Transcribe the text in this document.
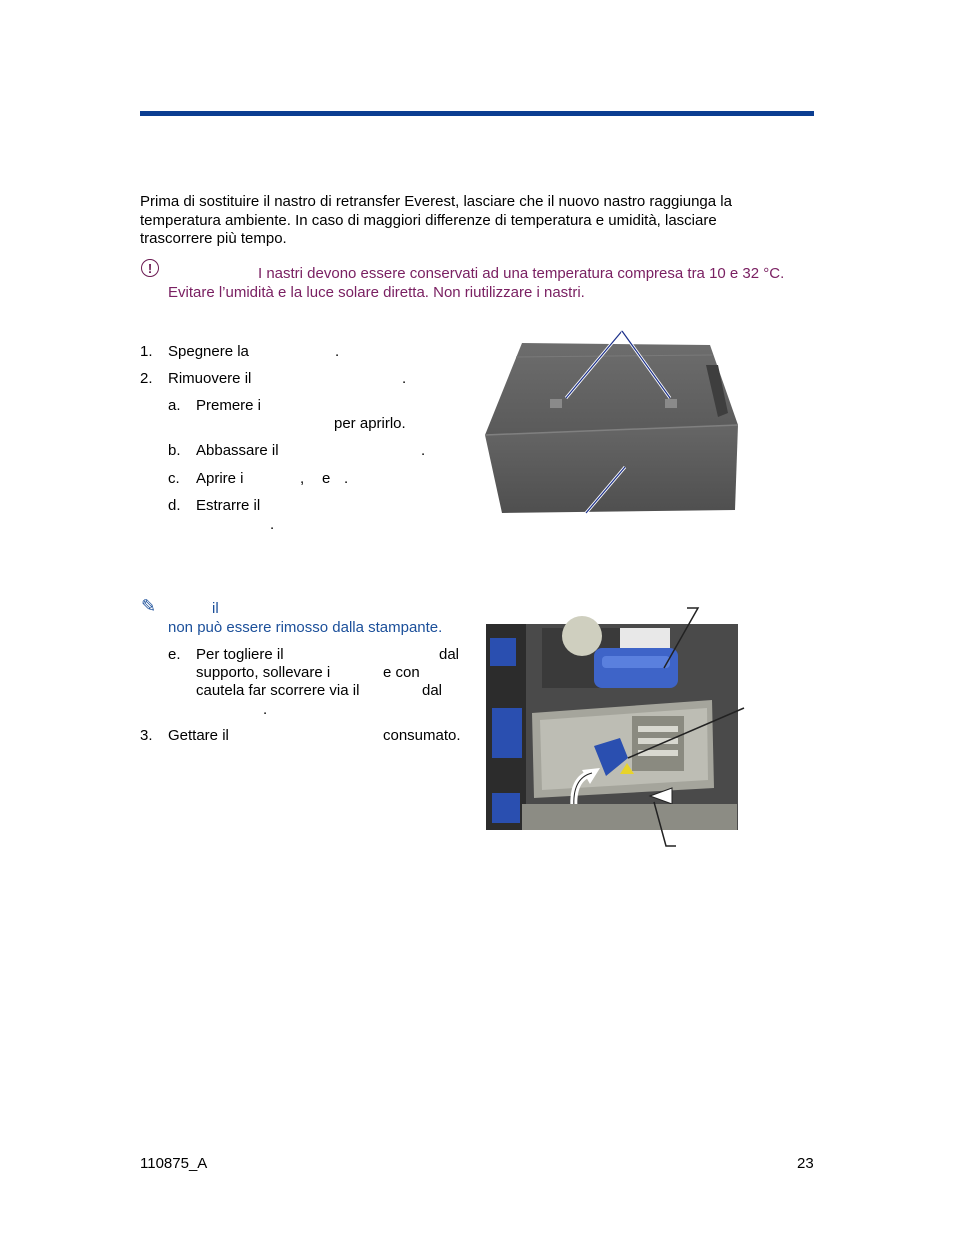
Prima di sostituire il nastro di retransfer Everest, lasciare che il nuovo nastro raggiunga la
temperatura ambiente. In caso di maggiori differenze di temperatura e umidità, lasciare
trascorrere più tempo.
!	I nastri devono essere conservati ad una temperatura compresa tra 10 e 32 °C.
Evitare l’umidità e la luce solare diretta. Non riutilizzare i nastri.
1. Spegnere la	.
2. Rimuovere il	.
a. Premere i
per aprirlo.
b. Abbassare il	.
c. Aprire i	, e .
d. Estrarre il
.
✎	il
non può essere rimosso dalla stampante.
e. Per togliere il	dal
supporto, sollevare i	e con
cautela far scorrere via il	dal
.
3. Gettare il	consumato.
110875_A	23
